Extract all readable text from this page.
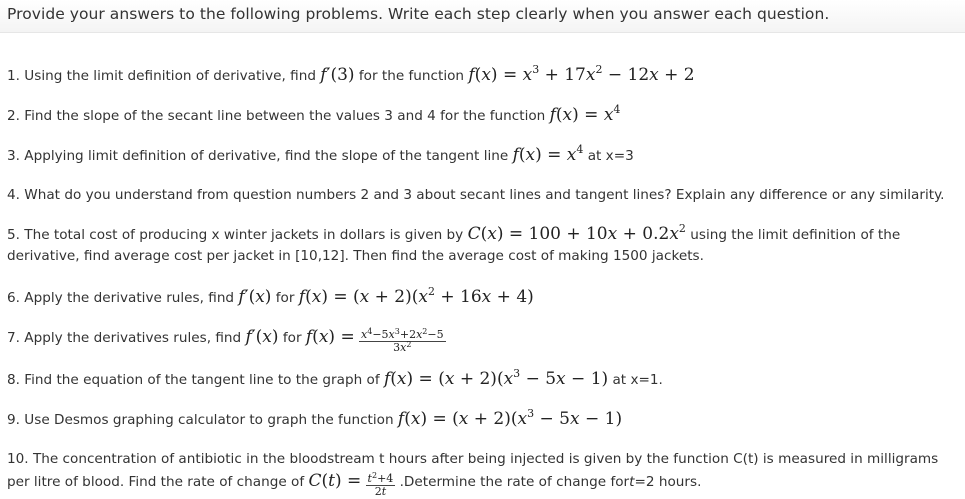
Provide your answers to the following problems. Write each step clearly when you answer each question.
1. Using the limit definition of derivative, find f′(3) for the function $f(x) = x^3 + 17x^2 - 12x + 2$
2. Find the slope of the secant line between the values 3 and 4 for the function $f(x) = x^4$
3. Applying limit definition of derivative, find the slope of the tangent line $f(x) = x^4$ at x=3
4. What do you understand from question numbers 2 and 3 about secant lines and tangent lines? Explain any difference or any similarity.
5. The total cost of producing x winter jackets in dollars is given by $C(x) = 100 + 10x + 0.2x^2$ using the limit definition of the
derivative, find average cost per jacket in [10,12]. Then find the average cost of making 1500 jackets.
6. Apply the derivative rules, find f′(x) for $f(x) = (x + 2)(x^2 + 16x + 4)$
7. Apply the derivatives rules, find f′(x) for $f(x) = \frac{x^4-5x^3+2x^2-5}{3x^2}$
8. Find the equation of the tangent line to the graph of $f(x) = (x + 2)(x^3 - 5x - 1)$ at x=1.
9. Use Desmos graphing calculator to graph the function $f(x) = (x + 2)(x^3 - 5x - 1)$
10. The concentration of antibiotic in the bloodstream t hours after being injected is given by the function C(t) is measured in milligrams
per litre of blood. Find the rate of change of $C(t) = \frac{t^2+4}{2t}$ .Determine the rate of change fort=2 hours.
